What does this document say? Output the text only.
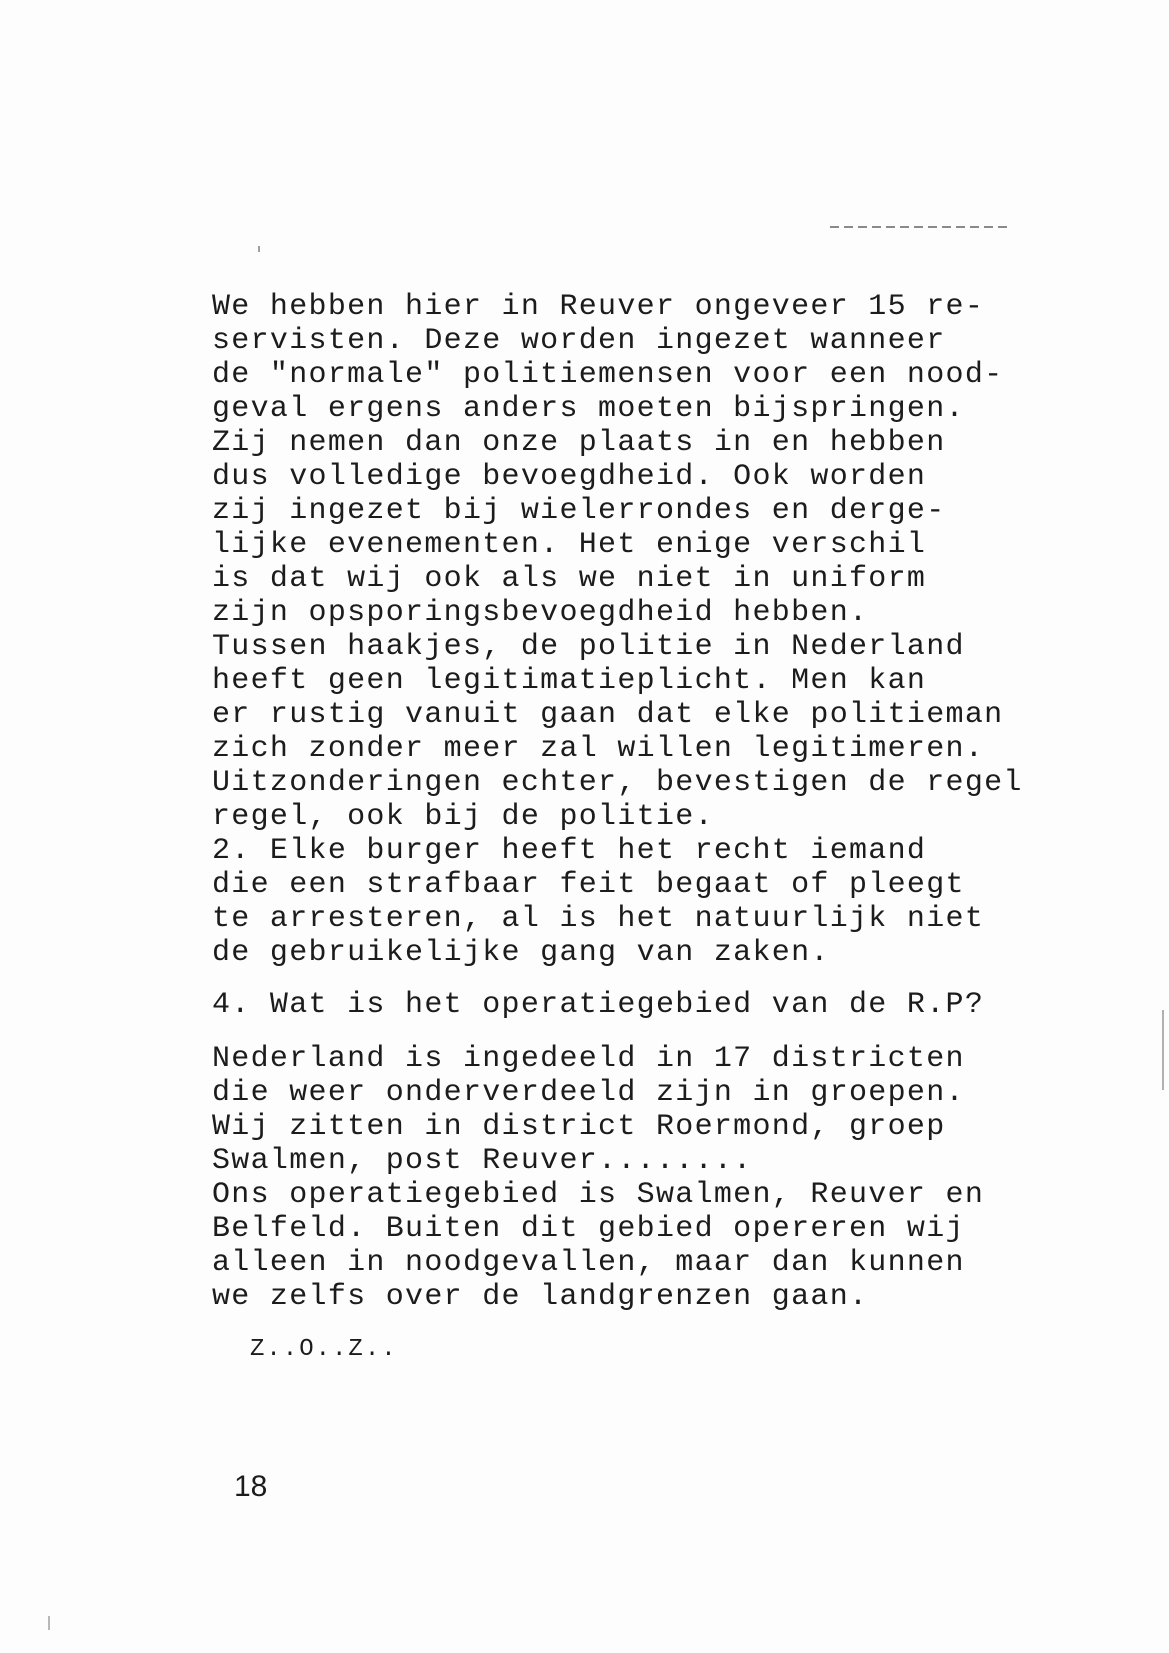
We hebben hier in Reuver ongeveer 15 re-
servisten. Deze worden ingezet wanneer
de "normale" politiemensen voor een nood-
geval ergens anders moeten bijspringen.
Zij nemen dan onze plaats in en hebben
dus volledige bevoegdheid. Ook worden
zij ingezet bij wielerrondes en derge-
lijke evenementen. Het enige verschil
is dat wij ook als we niet in uniform
zijn opsporingsbevoegdheid hebben.
Tussen haakjes, de politie in Nederland
heeft geen legitimatieplicht. Men kan
er rustig vanuit gaan dat elke politieman
zich zonder meer zal willen legitimeren.
Uitzonderingen echter, bevestigen de regel
regel, ook bij de politie.
2. Elke burger heeft het recht iemand
die een strafbaar feit begaat of pleegt
te arresteren, al is het natuurlijk niet
de gebruikelijke gang van zaken.
4. Wat is het operatiegebied van de R.P?
Nederland is ingedeeld in 17 districten
die weer onderverdeeld zijn in groepen.
Wij zitten in district Roermond, groep
Swalmen, post Reuver........
Ons operatiegebied is Swalmen, Reuver en
Belfeld. Buiten dit gebied opereren wij
alleen in noodgevallen, maar dan kunnen
we zelfs over de landgrenzen gaan.
Z..O..Z..
18
